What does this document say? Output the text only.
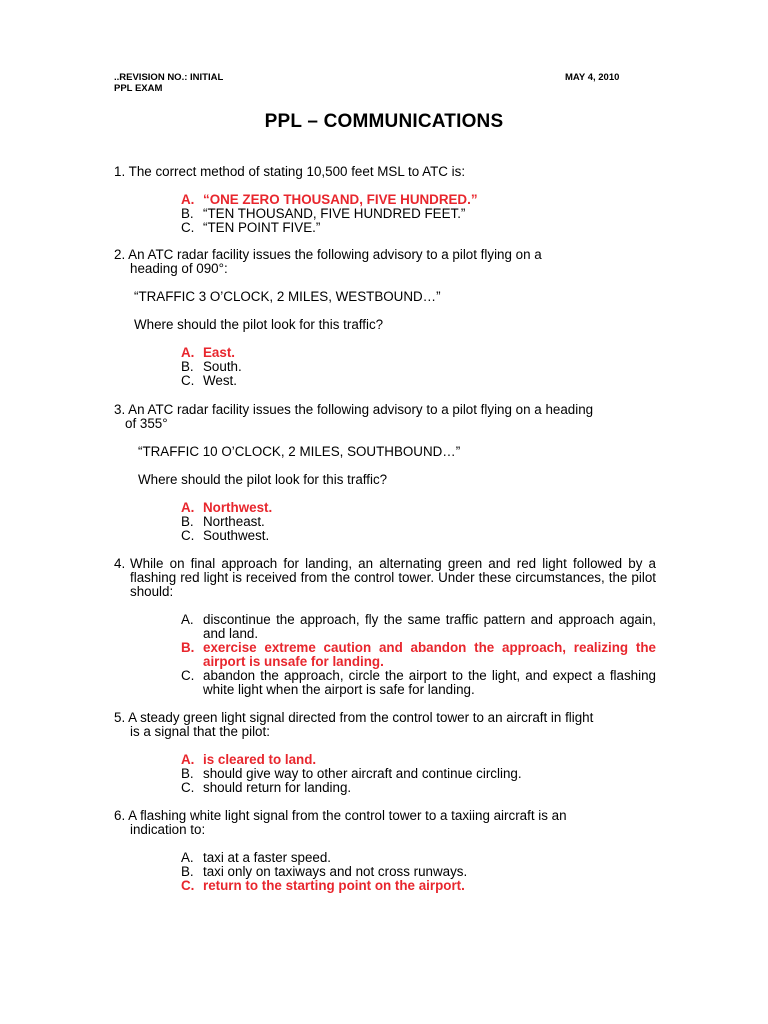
..REVISION NO.: INITIAL
PPL EXAM
MAY 4, 2010
PPL – COMMUNICATIONS

1. The correct method of stating 10,500 feet MSL to ATC is:

A. “ONE ZERO THOUSAND, FIVE HUNDRED.”
B. “TEN THOUSAND, FIVE HUNDRED FEET.”
C. “TEN POINT FIVE.”

2. An ATC radar facility issues the following advisory to a pilot flying on a

heading of 090°:

“TRAFFIC 3 O’CLOCK, 2 MILES, WESTBOUND…”

Where should the pilot look for this traffic?

A. East.
B. South.
C. West.

3. An ATC radar facility issues the following advisory to a pilot flying on a heading

of 355°

“TRAFFIC 10 O’CLOCK, 2 MILES, SOUTHBOUND…”

Where should the pilot look for this traffic?

A. Northwest.
B. Northeast.
C. Southwest.
4. While on final approach for landing, an alternating green and red light followed by a flashing red light is received from the control tower. Under these circumstances, the pilot should:

A. discontinue the approach, fly the same traffic pattern and approach again, and land.
B. exercise extreme caution and abandon the approach, realizing the airport is unsafe for landing.
C. abandon the approach, circle the airport to the light, and expect a flashing white light when the airport is safe for landing.

5. A steady green light signal directed from the control tower to an aircraft in flight

is a signal that the pilot:

A. is cleared to land.
B. should give way to other aircraft and continue circling.
C. should return for landing.

6. A flashing white light signal from the control tower to a taxiing aircraft is an

indication to:

A. taxi at a faster speed.
B. taxi only on taxiways and not cross runways.
C. return to the starting point on the airport.
